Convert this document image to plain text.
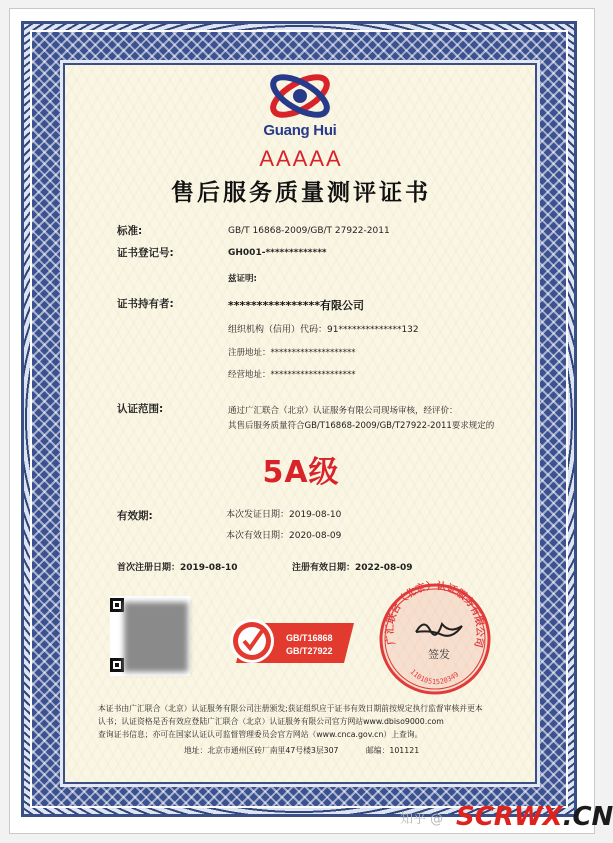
Guang Hui
AAAAA
售后服务质量测评证书
标准:	GB/T 16868-2009/GB/T 27922-2011
证书登记号:	GH001-*************
兹证明:
证书持有者:	****************有限公司
组织机构（信用）代码：91**************132
注册地址：********************
经营地址：********************
认证范围:	通过广汇联合（北京）认证服务有限公司现场审核，经评价：
其售后服务质量符合GB/T16868-2009/GB/T27922-2011要求规定的
5A级
有效期:	本次发证日期：2019-08-10
本次有效日期：2020-08-09
首次注册日期：2019-08-10	注册有效日期：2022-08-09
GB/T16868
GB/T27922
广汇联合（北京）认证服务有限公司
1101051520349
签发
本证书由广汇联合（北京）认证服务有限公司注册颁发;获证组织应于证书有效日期前按规定执行监督审核并更本
认书；认证资格是否有效应登陆广汇联合（北京）认证服务有限公司官方网站www.dbiso9000.com
查询证书信息；亦可在国家认证认可监督管理委员会官方网站（www.cnca.gov.cn）上查询。
地址：北京市通州区砖厂南里47号楼3层307	邮编：101121
知乎 @ SCRWX.CN
